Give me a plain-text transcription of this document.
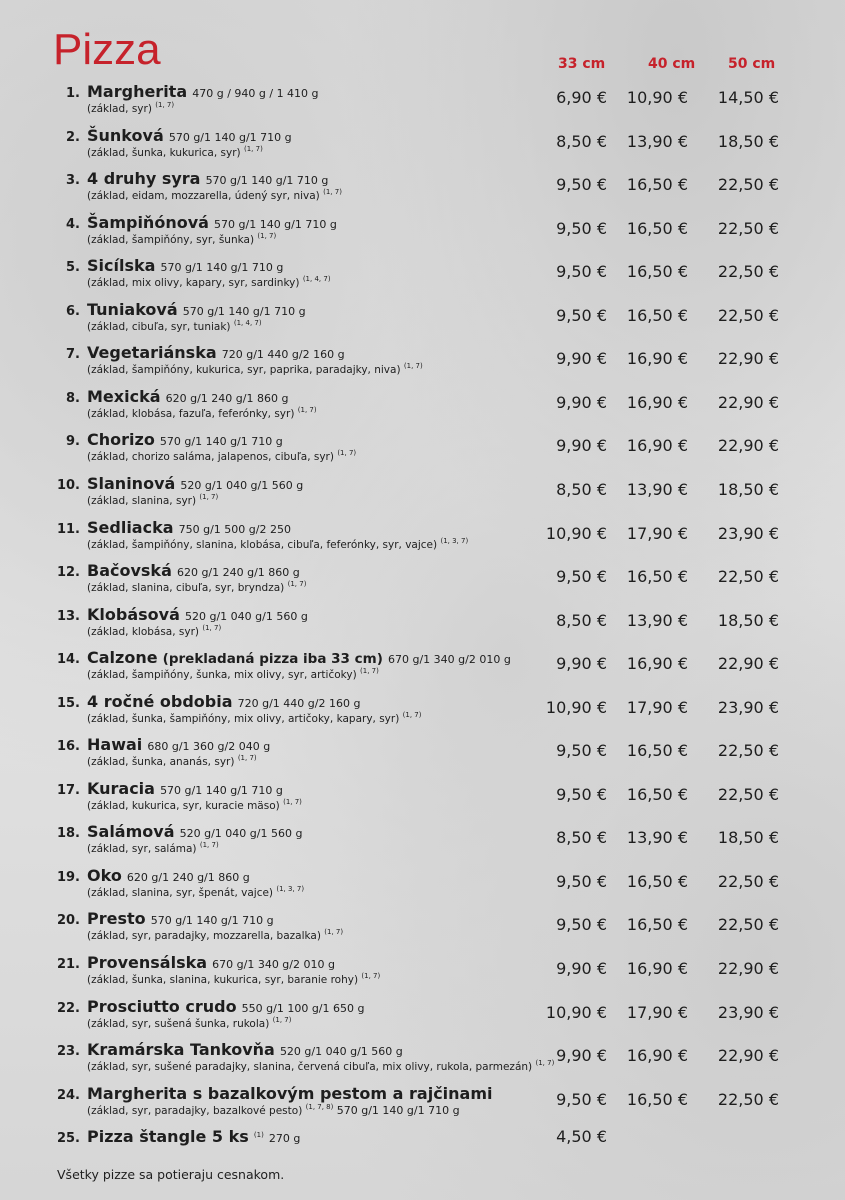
Pizza	33 cm	40 cm 50 cm
1. Margherita 470 g / 940 g / 1 410 g
(základ, syr) $^{(1, 7)}$	6,90 € 10,90 € 14,50 €
2. Šunková 570 g/1 140 g/1 710 g
(základ, šunka, kukurica, syr) $^{(1, 7)}$	8,50 € 13,90 € 18,50 €
3. 4 druhy syra 570 g/1 140 g/1 710 g
(základ, eidam, mozzarella, údený syr, niva) $^{(1, 7)}$	9,50 € 16,50 € 22,50 €
4. Šampiňónová 570 g/1 140 g/1 710 g
(základ, šampiňóny, syr, šunka) $^{(1, 7)}$	9,50 € 16,50 € 22,50 €
5. Sicílska 570 g/1 140 g/1 710 g
(základ, mix olivy, kapary, syr, sardinky) $^{(1, 4, 7)}$	9,50 € 16,50 € 22,50 €
6. Tuniaková 570 g/1 140 g/1 710 g
(základ, cibuľa, syr, tuniak) $^{(1, 4, 7)}$	9,50 € 16,50 € 22,50 €
7. Vegetariánska 720 g/1 440 g/2 160 g
(základ, šampiňóny, kukurica, syr, paprika, paradajky, niva) $^{(1, 7)}$	9,90 € 16,90 € 22,90 €
8. Mexická 620 g/1 240 g/1 860 g
(základ, klobása, fazuľa, feferónky, syr) $^{(1, 7)}$	9,90 € 16,90 € 22,90 €
9. Chorizo 570 g/1 140 g/1 710 g
(základ, chorizo saláma, jalapenos, cibuľa, syr) $^{(1, 7)}$	9,90 € 16,90 € 22,90 €
10. Slaninová 520 g/1 040 g/1 560 g
(základ, slanina, syr) $^{(1, 7)}$	8,50 € 13,90 € 18,50 €
11. Sedliacka 750 g/1 500 g/2 250
(základ, šampiňóny, slanina, klobása, cibuľa, feferónky, syr, vajce) $^{(1, 3, 7)}$	10,90 € 17,90 € 23,90 €
12. Bačovská 620 g/1 240 g/1 860 g
(základ, slanina, cibuľa, syr, bryndza) $^{(1, 7)}$	9,50 € 16,50 € 22,50 €
13. Klobásová 520 g/1 040 g/1 560 g
(základ, klobása, syr) $^{(1, 7)}$	8,50 € 13,90 € 18,50 €
14. Calzone (prekladaná pizza iba 33 cm) 670 g/1 340 g/2 010 g
(základ, šampiňóny, šunka, mix olivy, syr, artičoky) $^{(1, 7)}$	9,90 € 16,90 € 22,90 €
15. 4 ročné obdobia 720 g/1 440 g/2 160 g
(základ, šunka, šampiňóny, mix olivy, artičoky, kapary, syr) $^{(1, 7)}$	10,90 € 17,90 € 23,90 €
16. Hawai 680 g/1 360 g/2 040 g
(základ, šunka, ananás, syr) $^{(1, 7)}$	9,50 € 16,50 € 22,50 €
17. Kuracia 570 g/1 140 g/1 710 g
(základ, kukurica, syr, kuracie mäso) $^{(1, 7)}$	9,50 € 16,50 € 22,50 €
18. Salámová 520 g/1 040 g/1 560 g
(základ, syr, saláma) $^{(1, 7)}$	8,50 € 13,90 € 18,50 €
19. Oko 620 g/1 240 g/1 860 g
(základ, slanina, syr, špenát, vajce) $^{(1, 3, 7)}$	9,50 € 16,50 € 22,50 €
20. Presto 570 g/1 140 g/1 710 g
(základ, syr, paradajky, mozzarella, bazalka) $^{(1, 7)}$	9,50 € 16,50 € 22,50 €
21. Provensálska 670 g/1 340 g/2 010 g
(základ, šunka, slanina, kukurica, syr, baranie rohy) $^{(1, 7)}$	9,90 € 16,90 € 22,90 €
22. Prosciutto crudo 550 g/1 100 g/1 650 g
(základ, syr, sušená šunka, rukola) $^{(1, 7)}$	10,90 € 17,90 € 23,90 €
23. Kramárska Tankovňa 520 g/1 040 g/1 560 g
(základ, syr, sušené paradajky, slanina, červená cibuľa, mix olivy, rukola, parmezán) $^{(1, 7)}$ 9,90 € 16,90 € 22,90 €
24. Margherita s bazalkovým pestom a rajčinami
(základ, syr, paradajky, bazalkové pesto) $^{(1, 7, 8)}$ 570 g/1 140 g/1 710 g
9,50 € 16,50 € 22,50 €
25. Pizza štangle 5 ks $^{(1)}$ 270 g	4,50 €
Všetky pizze sa potieraju cesnakom.
